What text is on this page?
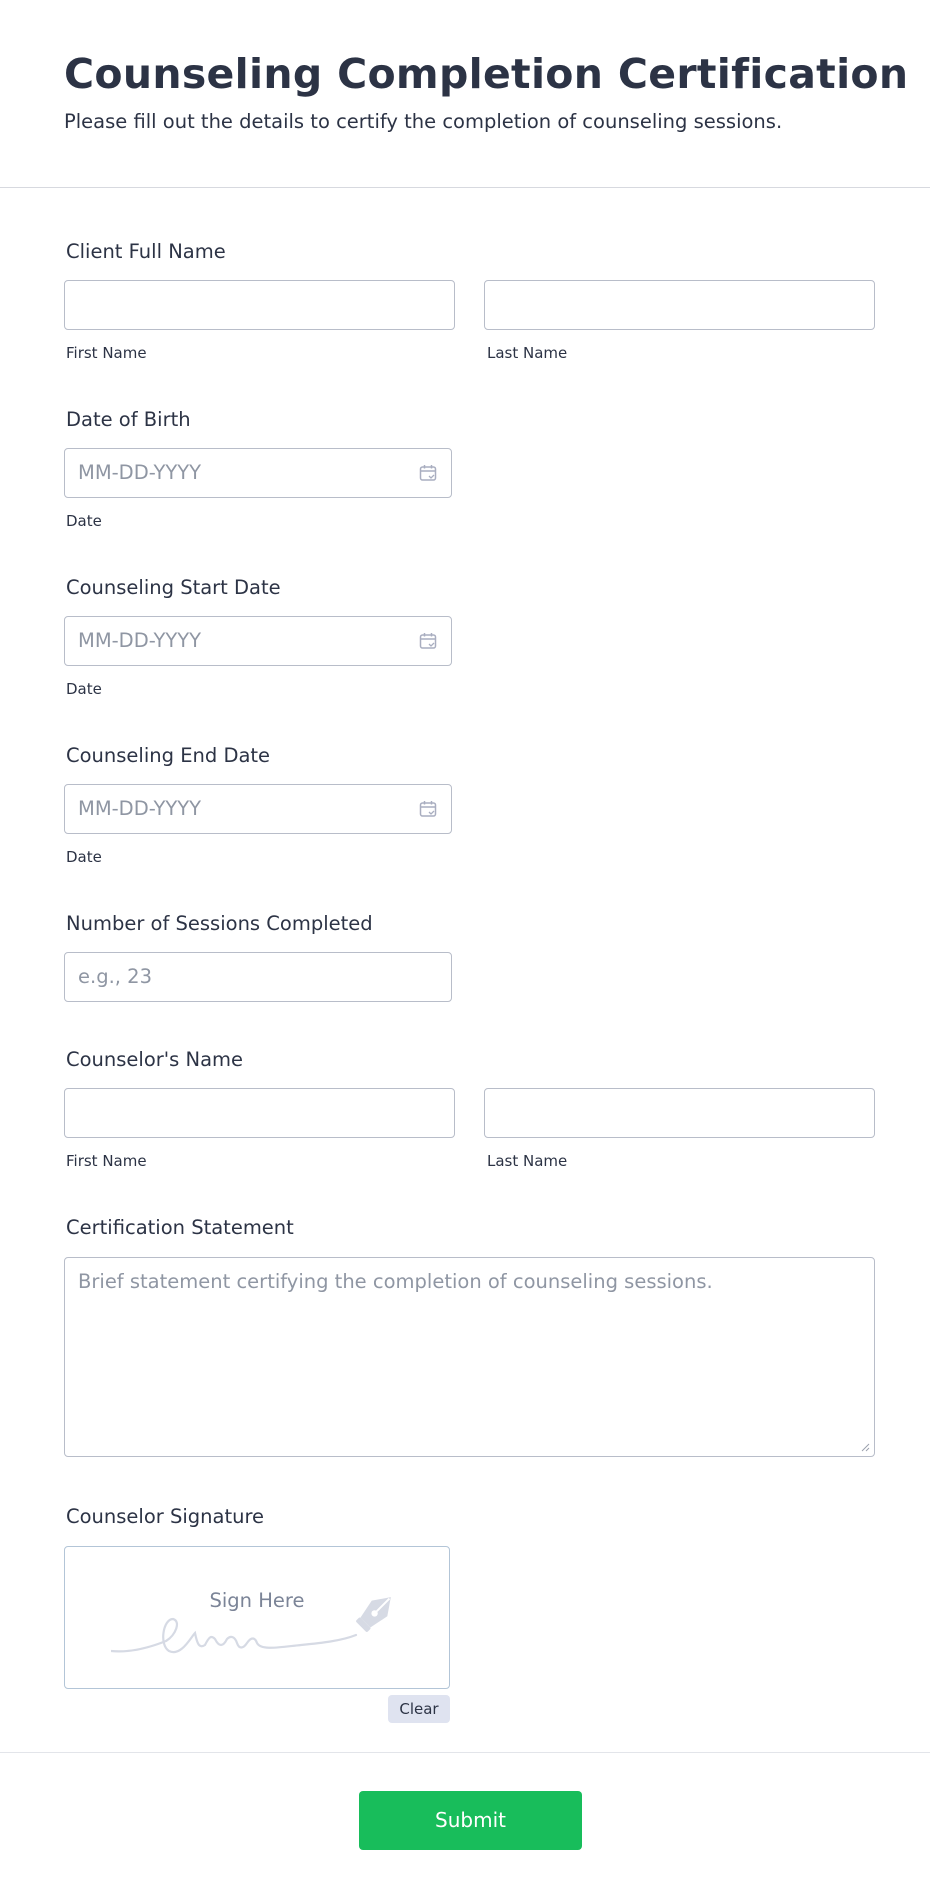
Counseling Completion Certification
Please fill out the details to certify the completion of counseling sessions.
Client Full Name
First Name	Last Name
Date of Birth
MM-DD-YYYY
Date
Counseling Start Date
MM-DD-YYYY
Date
Counseling End Date
MM-DD-YYYY
Date
Number of Sessions Completed
e.g., 23
Counselor's Name
First Name	Last Name
Certification Statement
Brief statement certifying the completion of counseling sessions.
Counselor Signature
Sign Here
Clear
Submit
